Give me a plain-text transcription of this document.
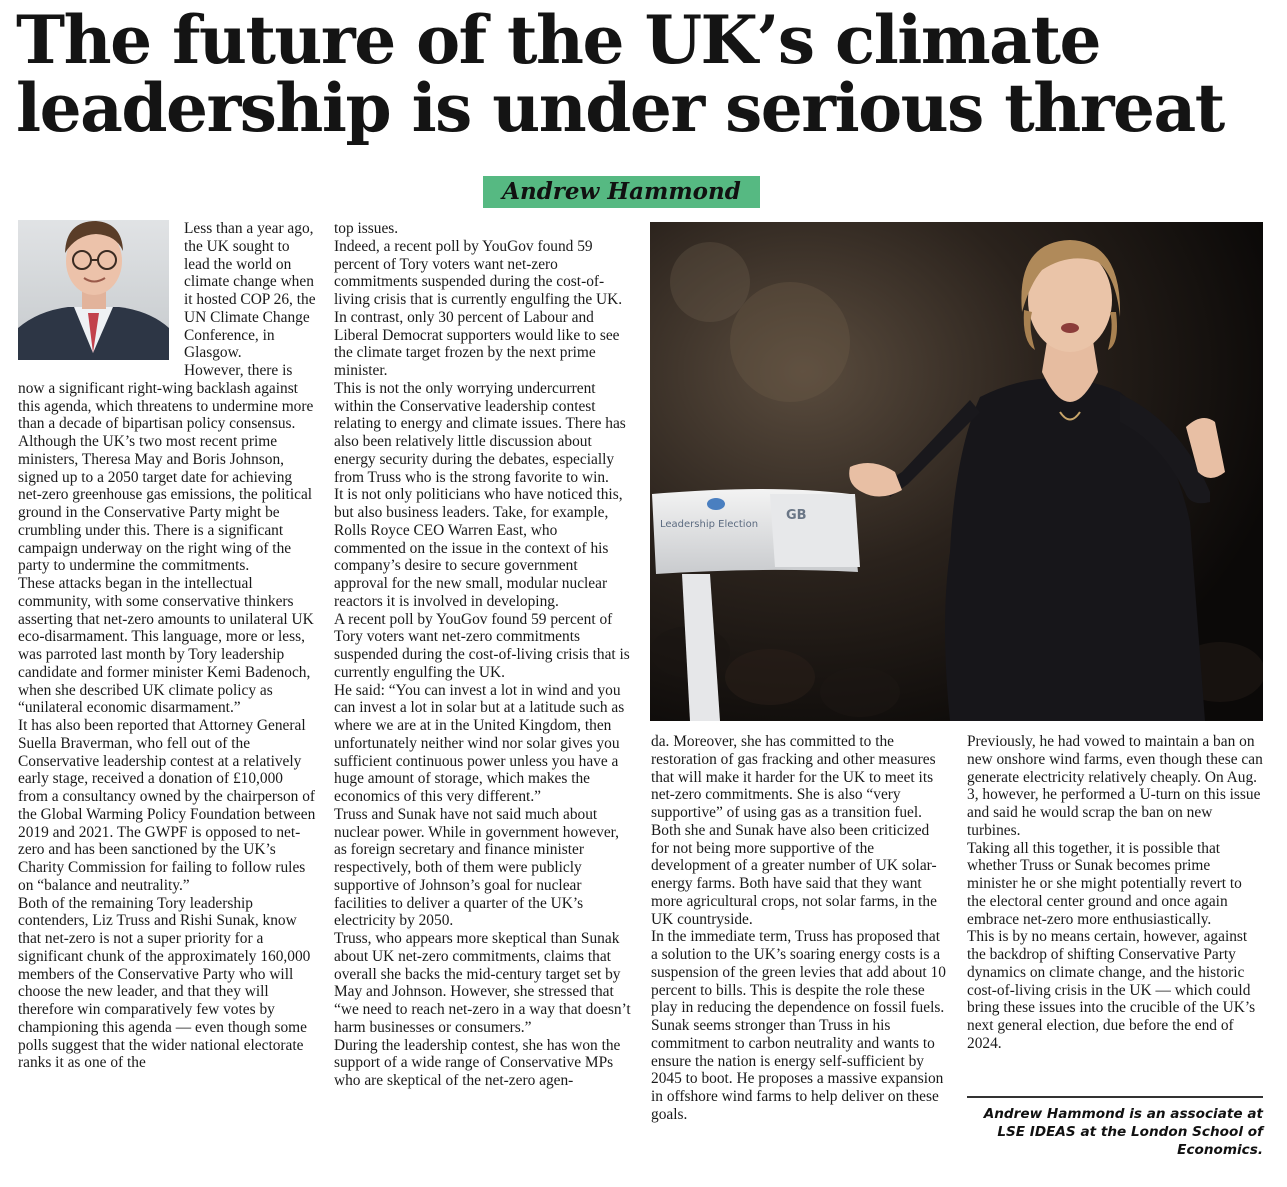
The future of the UK’s climate
leadership is under serious threat
Andrew Hammond

Less than a year ago, the UK sought to lead the world on climate change when it hosted COP 26, the UN Climate Change Conference, in Glasgow.

However, there is now a significant right-wing backlash against this agenda, which threatens to undermine more than a decade of bipartisan policy consensus.

Although the UK’s two most recent prime ministers, Theresa May and Boris Johnson, signed up to a 2050 target date for achieving net-zero greenhouse gas emissions, the political ground in the Conservative Party might be crumbling under this. There is a significant campaign underway on the right wing of the party to undermine the commitments.

These attacks began in the intellectual community, with some conservative thinkers asserting that net-zero amounts to unilateral UK eco-disarmament. This language, more or less, was parroted last month by Tory leadership candidate and former minister Kemi Badenoch, when she described UK climate policy as “unilateral economic disarmament.”

It has also been reported that Attorney General Suella Braverman, who fell out of the Conservative leadership contest at a relatively early stage, received a donation of £10,000 from a consultancy owned by the chairperson of the Global Warming Policy Foundation between 2019 and 2021. The GWPF is opposed to net-zero and has been sanctioned by the UK’s Charity Commission for failing to follow rules on “balance and neutrality.”

Both of the remaining Tory leadership contenders, Liz Truss and Rishi Sunak, know that net-zero is not a super priority for a significant chunk of the approximately 160,000 members of the Conservative Party who will choose the new leader, and that they will therefore win comparatively few votes by championing this agenda — even though some polls suggest that the wider national electorate ranks it as one of the

top issues.

Indeed, a recent poll by YouGov found 59 percent of Tory voters want net-zero commitments suspended during the cost-of-living crisis that is currently engulfing the UK. In contrast, only 30 percent of Labour and Liberal Democrat supporters would like to see the climate target frozen by the next prime minister.

This is not the only worrying undercurrent within the Conservative leadership contest relating to energy and climate issues. There has also been relatively little discussion about energy security during the debates, especially from Truss who is the strong favorite to win.

It is not only politicians who have noticed this, but also business leaders. Take, for example, Rolls Royce CEO Warren East, who commented on the issue in the context of his company’s desire to secure government approval for the new small, modular nuclear reactors it is involved in developing.

A recent poll by YouGov found 59 percent of Tory voters want net-zero commitments suspended during the cost-of-living crisis that is currently engulfing the UK.

He said: “You can invest a lot in wind and you can invest a lot in solar but at a latitude such as where we are at in the United Kingdom, then unfortunately neither wind nor solar gives you sufficient continuous power unless you have a huge amount of storage, which makes the economics of this very different.”

Truss and Sunak have not said much about nuclear power. While in government however, as foreign secretary and finance minister respectively, both of them were publicly supportive of Johnson’s goal for nuclear facilities to deliver a quarter of the UK’s electricity by 2050.

Truss, who appears more skeptical than Sunak about UK net-zero commitments, claims that overall she backs the mid-century target set by May and Johnson. However, she stressed that “we need to reach net-zero in a way that doesn’t harm businesses or consumers.”

During the leadership contest, she has won the support of a wide range of Conservative MPs who are skeptical of the net-zero agen-

Leadership Election
GB

da. Moreover, she has committed to the restoration of gas fracking and other measures that will make it harder for the UK to meet its net-zero commitments. She is also “very supportive” of using gas as a transition fuel.

Both she and Sunak have also been criticized for not being more supportive of the development of a greater number of UK solar-energy farms. Both have said that they want more agricultural crops, not solar farms, in the UK countryside.

In the immediate term, Truss has proposed that a solution to the UK’s soaring energy costs is a suspension of the green levies that add about 10 percent to bills. This is despite the role these play in reducing the dependence on fossil fuels.

Sunak seems stronger than Truss in his commitment to carbon neutrality and wants to ensure the nation is energy self-sufficient by 2045 to boot. He proposes a massive expansion in offshore wind farms to help deliver on these goals.

Previously, he had vowed to maintain a ban on new onshore wind farms, even though these can generate electricity relatively cheaply. On Aug. 3, however, he performed a U-turn on this issue and said he would scrap the ban on new turbines.

Taking all this together, it is possible that whether Truss or Sunak becomes prime minister he or she might potentially revert to the electoral center ground and once again embrace net-zero more enthusiastically.

This is by no means certain, however, against the backdrop of shifting Conservative Party dynamics on climate change, and the historic cost-of-living crisis in the UK — which could bring these issues into the crucible of the UK’s next general election, due before the end of 2024.

Andrew Hammond is an associate at LSE IDEAS at the London School of Economics.
